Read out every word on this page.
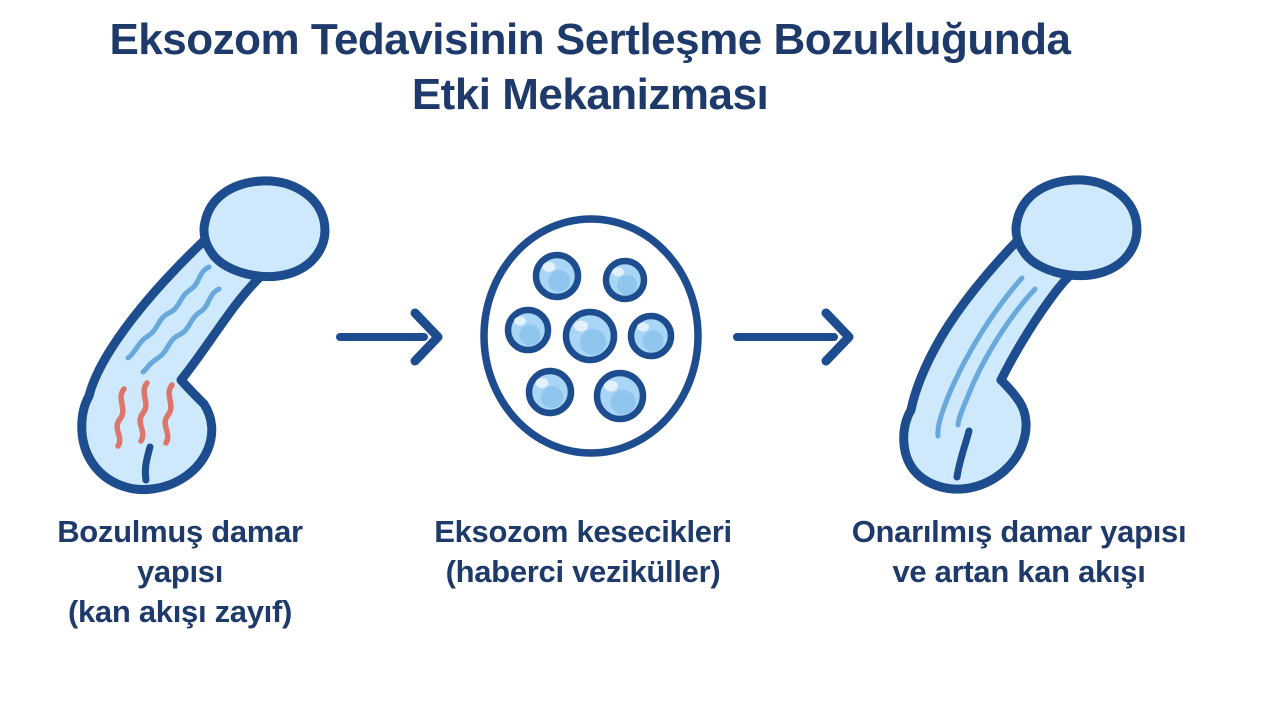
Eksozom Tedavisinin Sertleşme Bozukluğunda
Etki Mekanizması
Bozulmuş damar
yapısı
(kan akışı zayıf)
Eksozom kesecikleri
(haberci veziküller)
Onarılmış damar yapısı
ve artan kan akışı
